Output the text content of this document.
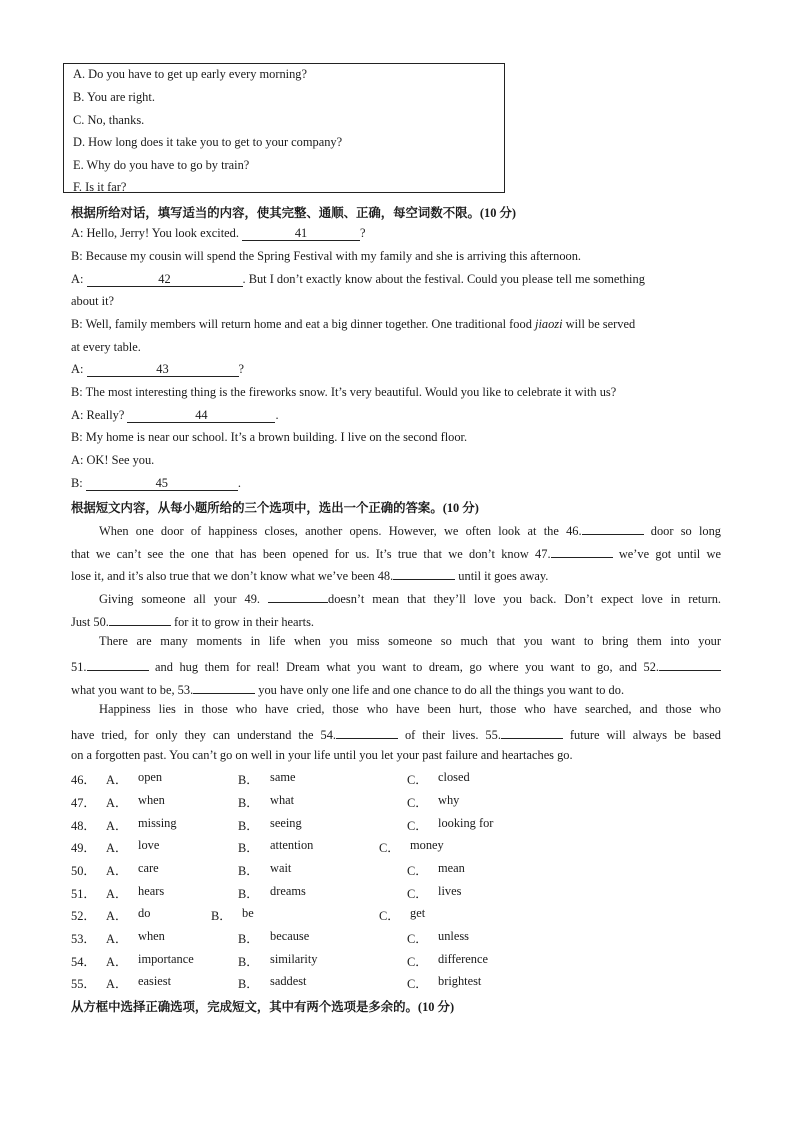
A. Do you have to get up early every morning?
B. You are right.
C. No, thanks.
D. How long does it take you to get to your company?
E. Why do you have to go by train?
F. Is it far?
根据所给对话，填写适当的内容，使其完整、通顺、正确，每空词数不限。(10 分)
A: Hello, Jerry! You look excited.	41	?
B: Because my cousin will spend the Spring Festival with my family and she is arriving this afternoon.
A:	42	. But I don’t exactly know about the festival. Could you please tell me something
about it?
B: Well, family members will return home and eat a big dinner together. One traditional food jiaozi will be served
at every table.
A:	43	?
B: The most interesting thing is the fireworks snow. It’s very beautiful. Would you like to celebrate it with us?
A: Really?	44	.
B: My home is near our school. It’s a brown building. I live on the second floor.
A: OK! See you.
B:	45	.
根据短文内容，从每小题所给的三个选项中，选出一个正确的答案。(10 分)
When one door of happiness closes, another opens. However, we often look at the 46.	door so long
that we can’t see the one that has been opened for us. It’s true that we don’t know 47.	we’ve got until we
lose it, and it’s also true that we don’t know what we’ve been 48.	until it goes away.
Giving someone all your 49.	doesn’t mean that they’ll love you back. Don’t expect love in return.
Just 50.	for it to grow in their hearts.
There are many moments in life when you miss someone so much that you want to bring them into your
51.	and hug them for real! Dream what you want to dream, go where you want to go, and 52.
what you want to be, 53.	you have only one life and one chance to do all the things you want to do.
Happiness lies in those who have cried, those who have been hurt, those who have searched, and those who
have tried, for only they can understand the 54.	of their lives. 55.	future will always be based
on a forgotten past. You can’t go on well in your life until you let your past failure and heartaches go.
46． A． open	B． same	C． closed
47． A． when	B． what	C． why
48． A． missing	B． seeing	C． looking for
49． A． love	B． attention	C． money
50． A． care	B． wait	C． mean
51． A． hears	B． dreams	C． lives
52． A． do	B． be	C． get
53． A． when	B． because	C． unless
54． A． importance	B． similarity	C． difference
55． A． easiest	B． saddest	C． brightest
从方框中选择正确选项，完成短文，其中有两个选项是多余的。(10 分)
